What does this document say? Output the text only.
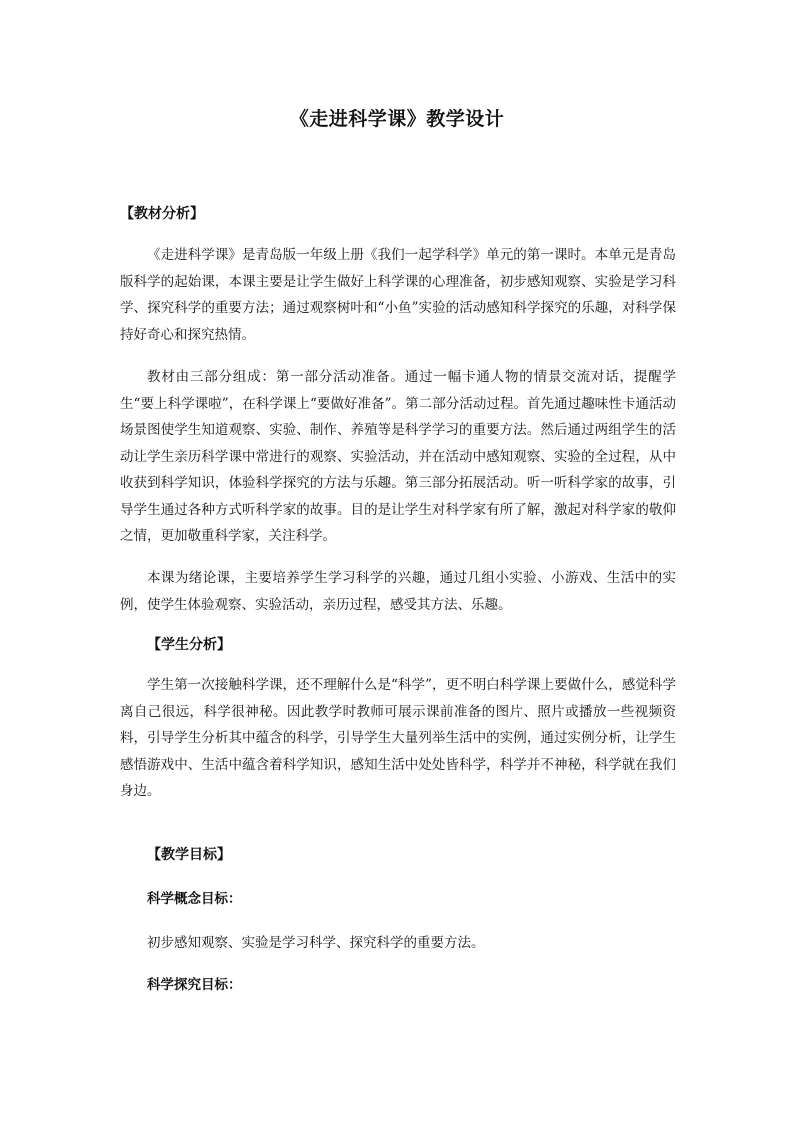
《走进科学课》教学设计
【教材分析】

《走进科学课》是青岛版一年级上册《我们一起学科学》单元的第一课时。本单元是青岛版科学的起始课，本课主要是让学生做好上科学课的心理准备，初步感知观察、实验是学习科学、探究科学的重要方法；通过观察树叶和“小鱼”实验的活动感知科学探究的乐趣，对科学保持好奇心和探究热情。

教材由三部分组成：第一部分活动准备。通过一幅卡通人物的情景交流对话，提醒学生“要上科学课啦”，在科学课上“要做好准备”。第二部分活动过程。首先通过趣味性卡通活动场景图使学生知道观察、实验、制作、养殖等是科学学习的重要方法。然后通过两组学生的活动让学生亲历科学课中常进行的观察、实验活动，并在活动中感知观察、实验的全过程，从中收获到科学知识，体验科学探究的方法与乐趣。第三部分拓展活动。听一听科学家的故事，引导学生通过各种方式听科学家的故事。目的是让学生对科学家有所了解，激起对科学家的敬仰之情，更加敬重科学家，关注科学。

本课为绪论课，主要培养学生学习科学的兴趣，通过几组小实验、小游戏、生活中的实例，使学生体验观察、实验活动，亲历过程，感受其方法、乐趣。

【学生分析】

学生第一次接触科学课，还不理解什么是“科学”，更不明白科学课上要做什么，感觉科学离自己很远，科学很神秘。因此教学时教师可展示课前准备的图片、照片或播放一些视频资料，引导学生分析其中蕴含的科学，引导学生大量列举生活中的实例，通过实例分析，让学生感悟游戏中、生活中蕴含着科学知识，感知生活中处处皆科学，科学并不神秘，科学就在我们身边。

【教学目标】
科学概念目标：
初步感知观察、实验是学习科学、探究科学的重要方法。
科学探究目标：
